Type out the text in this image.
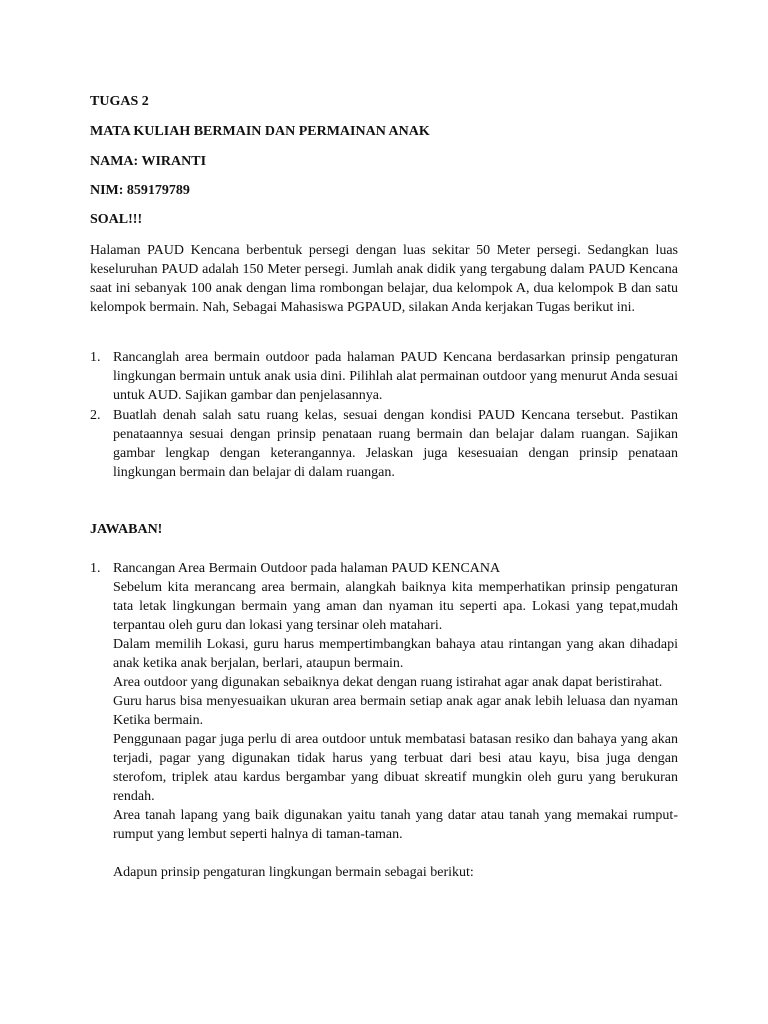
TUGAS 2
MATA KULIAH BERMAIN DAN PERMAINAN ANAK
NAMA: WIRANTI
NIM: 859179789
SOAL!!!

Halaman PAUD Kencana berbentuk persegi dengan luas sekitar 50 Meter persegi. Sedangkan luas keseluruhan PAUD adalah 150 Meter persegi. Jumlah anak didik yang tergabung dalam PAUD Kencana saat ini sebanyak 100 anak dengan lima rombongan belajar, dua kelompok A, dua kelompok B dan satu kelompok bermain. Nah, Sebagai Mahasiswa PGPAUD, silakan Anda kerjakan Tugas berikut ini.

1. Rancanglah area bermain outdoor pada halaman PAUD Kencana berdasarkan prinsip pengaturan lingkungan bermain untuk anak usia dini. Pilihlah alat permainan outdoor yang menurut Anda sesuai untuk AUD. Sajikan gambar dan penjelasannya.

2. Buatlah denah salah satu ruang kelas, sesuai dengan kondisi PAUD Kencana tersebut. Pastikan penataannya sesuai dengan prinsip penataan ruang bermain dan belajar dalam ruangan. Sajikan gambar lengkap dengan keterangannya. Jelaskan juga kesesuaian dengan prinsip penataan lingkungan bermain dan belajar di dalam ruangan.

JAWABAN!
1. Rancangan Area Bermain Outdoor pada halaman PAUD KENCANA

Sebelum kita merancang area bermain, alangkah baiknya kita memperhatikan prinsip pengaturan tata letak lingkungan bermain yang aman dan nyaman itu seperti apa. Lokasi yang tepat,mudah terpantau oleh guru dan lokasi yang tersinar oleh matahari.

Dalam memilih Lokasi, guru harus mempertimbangkan bahaya atau rintangan yang akan dihadapi anak ketika anak berjalan, berlari, ataupun bermain.

Area outdoor yang digunakan sebaiknya dekat dengan ruang istirahat agar anak dapat beristirahat.

Guru harus bisa menyesuaikan ukuran area bermain setiap anak agar anak lebih leluasa dan nyaman Ketika bermain.

Penggunaan pagar juga perlu di area outdoor untuk membatasi batasan resiko dan bahaya yang akan terjadi, pagar yang digunakan tidak harus yang terbuat dari besi atau kayu, bisa juga dengan sterofom, triplek atau kardus bergambar yang dibuat skreatif mungkin oleh guru yang berukuran rendah.

Area tanah lapang yang baik digunakan yaitu tanah yang datar atau tanah yang memakai rumput-rumput yang lembut seperti halnya di taman-taman.

Adapun prinsip pengaturan lingkungan bermain sebagai berikut:
